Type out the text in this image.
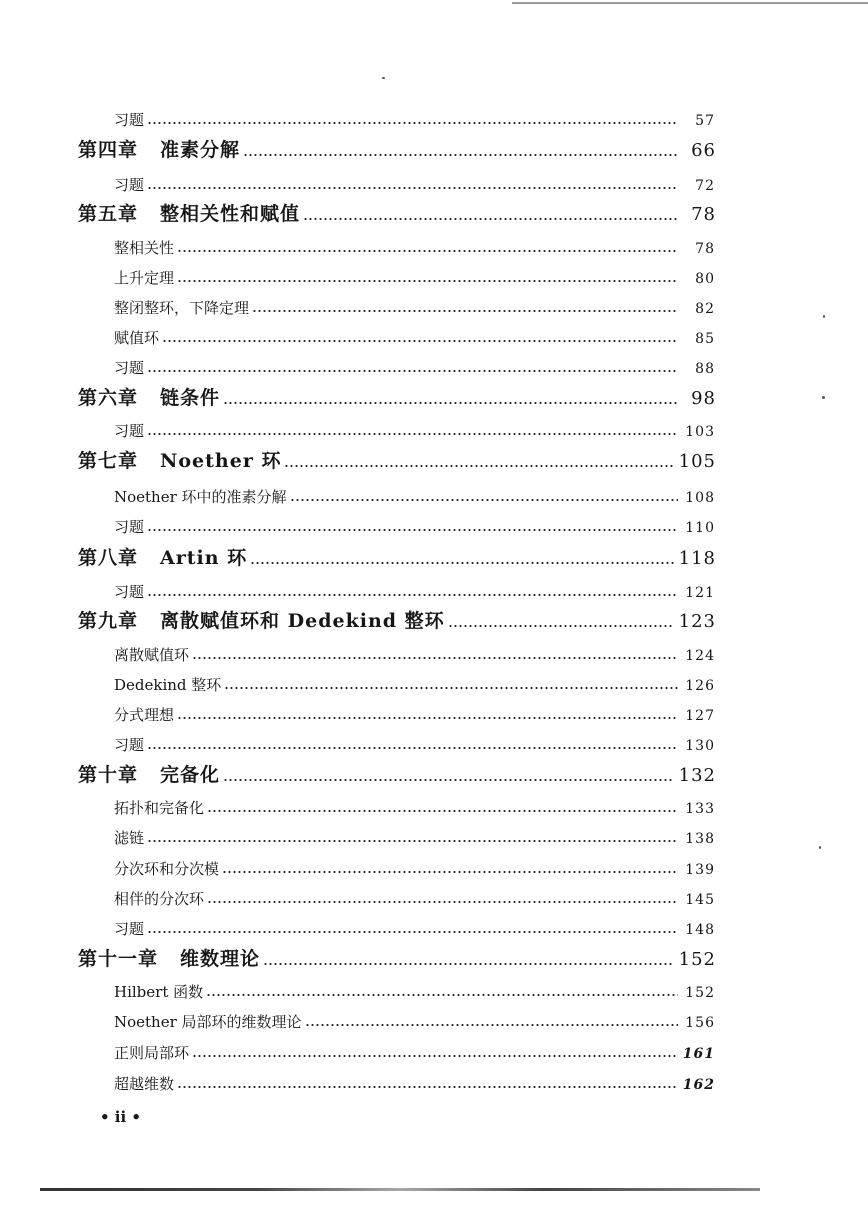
习题	57
第四章 准素分解	66
习题	72
第五章 整相关性和赋值	78
整相关性	78
上升定理	80
整闭整环，下降定理	82
赋值环	85
习题	88
第六章 链条件	98
习题	103
第七章 Noether 环	105
Noether 环中的准素分解	108
习题	110
第八章 Artin 环	118
习题	121
第九章 离散赋值环和 Dedekind 整环	123
离散赋值环	124
Dedekind 整环	126
分式理想	127
习题	130
第十章 完备化	132
拓扑和完备化	133
滤链	138
分次环和分次模	139
相伴的分次环	145
习题	148
第十一章 维数理论	152
Hilbert 函数	152
Noether 局部环的维数理论	156
正则局部环	161
超越维数	162
• ii •
